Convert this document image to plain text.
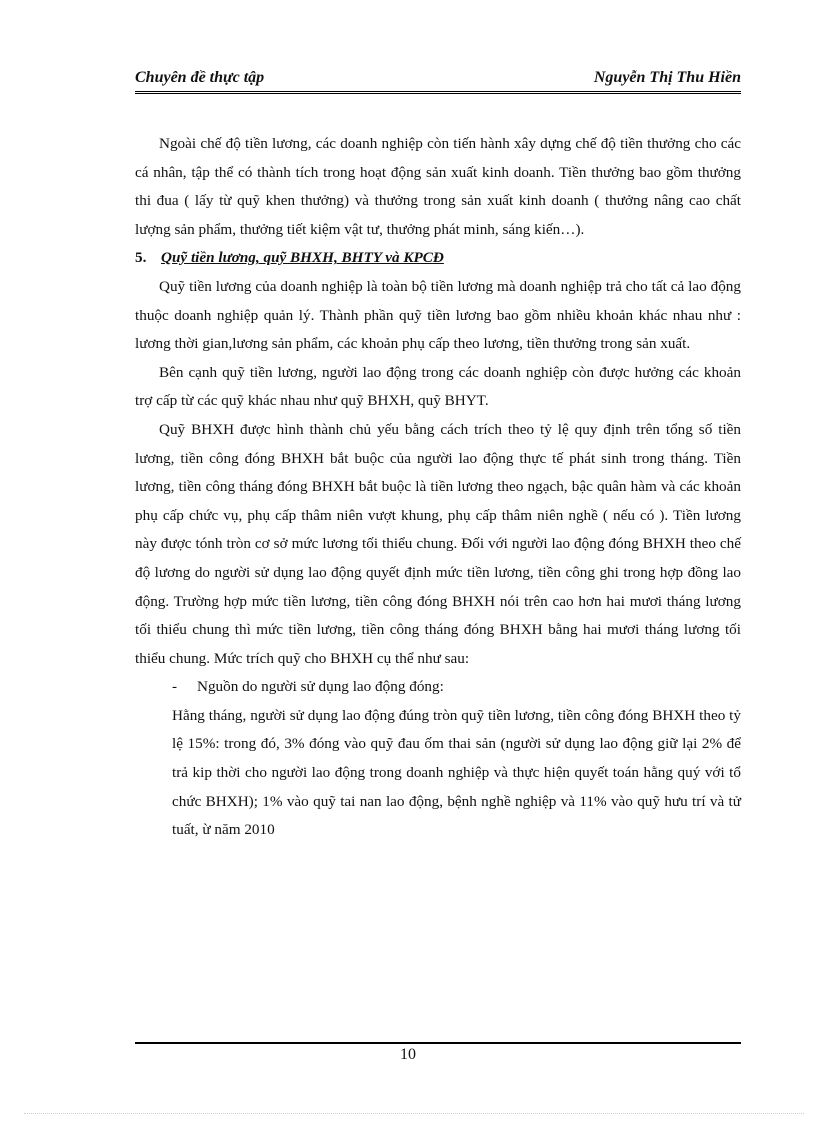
Chuyên đề thực tập	Nguyễn Thị Thu Hiền

Ngoài chế độ tiền lương, các doanh nghiệp còn tiến hành xây dựng chế độ tiền thưởng cho các cá nhân, tập thể có thành tích trong hoạt động sản xuất kinh doanh. Tiền thưởng bao gồm thưởng thi đua ( lấy từ quỹ khen thưởng) và thưởng trong sản xuất kinh doanh ( thưởng nâng cao chất lượng sản phẩm, thưởng tiết kiệm vật tư, thưởng phát minh, sáng kiến…).

5. Quỹ tiền lương, quỹ BHXH, BHTY và KPCĐ

Quỹ tiền lương của doanh nghiệp là toàn bộ tiền lương mà doanh nghiệp trả cho tất cả lao động thuộc doanh nghiệp quản lý. Thành phần quỹ tiền lương bao gồm nhiều khoản khác nhau như : lương thời gian,lương sản phẩm, các khoản phụ cấp theo lương, tiền thưởng trong sản xuất.

Bên cạnh quỹ tiền lương, người lao động trong các doanh nghiệp còn được hưởng các khoản trợ cấp từ các quỹ khác nhau như quỹ BHXH, quỹ BHYT.

Quỹ BHXH được hình thành chủ yếu bằng cách trích theo tỷ lệ quy định trên tổng số tiền lương, tiền công đóng BHXH bắt buộc của người lao động thực tế phát sinh trong tháng. Tiền lương, tiền công tháng đóng BHXH bắt buộc là tiền lương theo ngạch, bậc quân hàm và các khoản phụ cấp chức vụ, phụ cấp thâm niên vượt khung, phụ cấp thâm niên nghề ( nếu có ). Tiền lương này được tónh tròn cơ sở mức lương tối thiểu chung. Đối với người lao động đóng BHXH theo chế độ lương do người sử dụng lao động quyết định mức tiền lương, tiền công ghi trong hợp đồng lao động. Trường hợp mức tiền lương, tiền công đóng BHXH nói trên cao hơn hai mươi tháng lương tối thiểu chung thì mức tiền lương, tiền công tháng đóng BHXH bằng hai mươi tháng lương tối thiểu chung. Mức trích quỹ cho BHXH cụ thể như sau:

- Nguồn do người sử dụng lao động đóng:

Hằng tháng, người sử dụng lao động đúng tròn quỹ tiền lương, tiền công đóng BHXH theo tỷ lệ 15%: trong đó, 3% đóng vào quỹ đau ốm thai sản (người sử dụng lao động giữ lại 2% để trả kip thời cho người lao động trong doanh nghiệp và thực hiện quyết toán hằng quý với tổ chức BHXH); 1% vào quỹ tai nan lao động, bệnh nghề nghiệp và 11% vào quỹ hưu trí và tử tuất, ừ năm 2010

10
